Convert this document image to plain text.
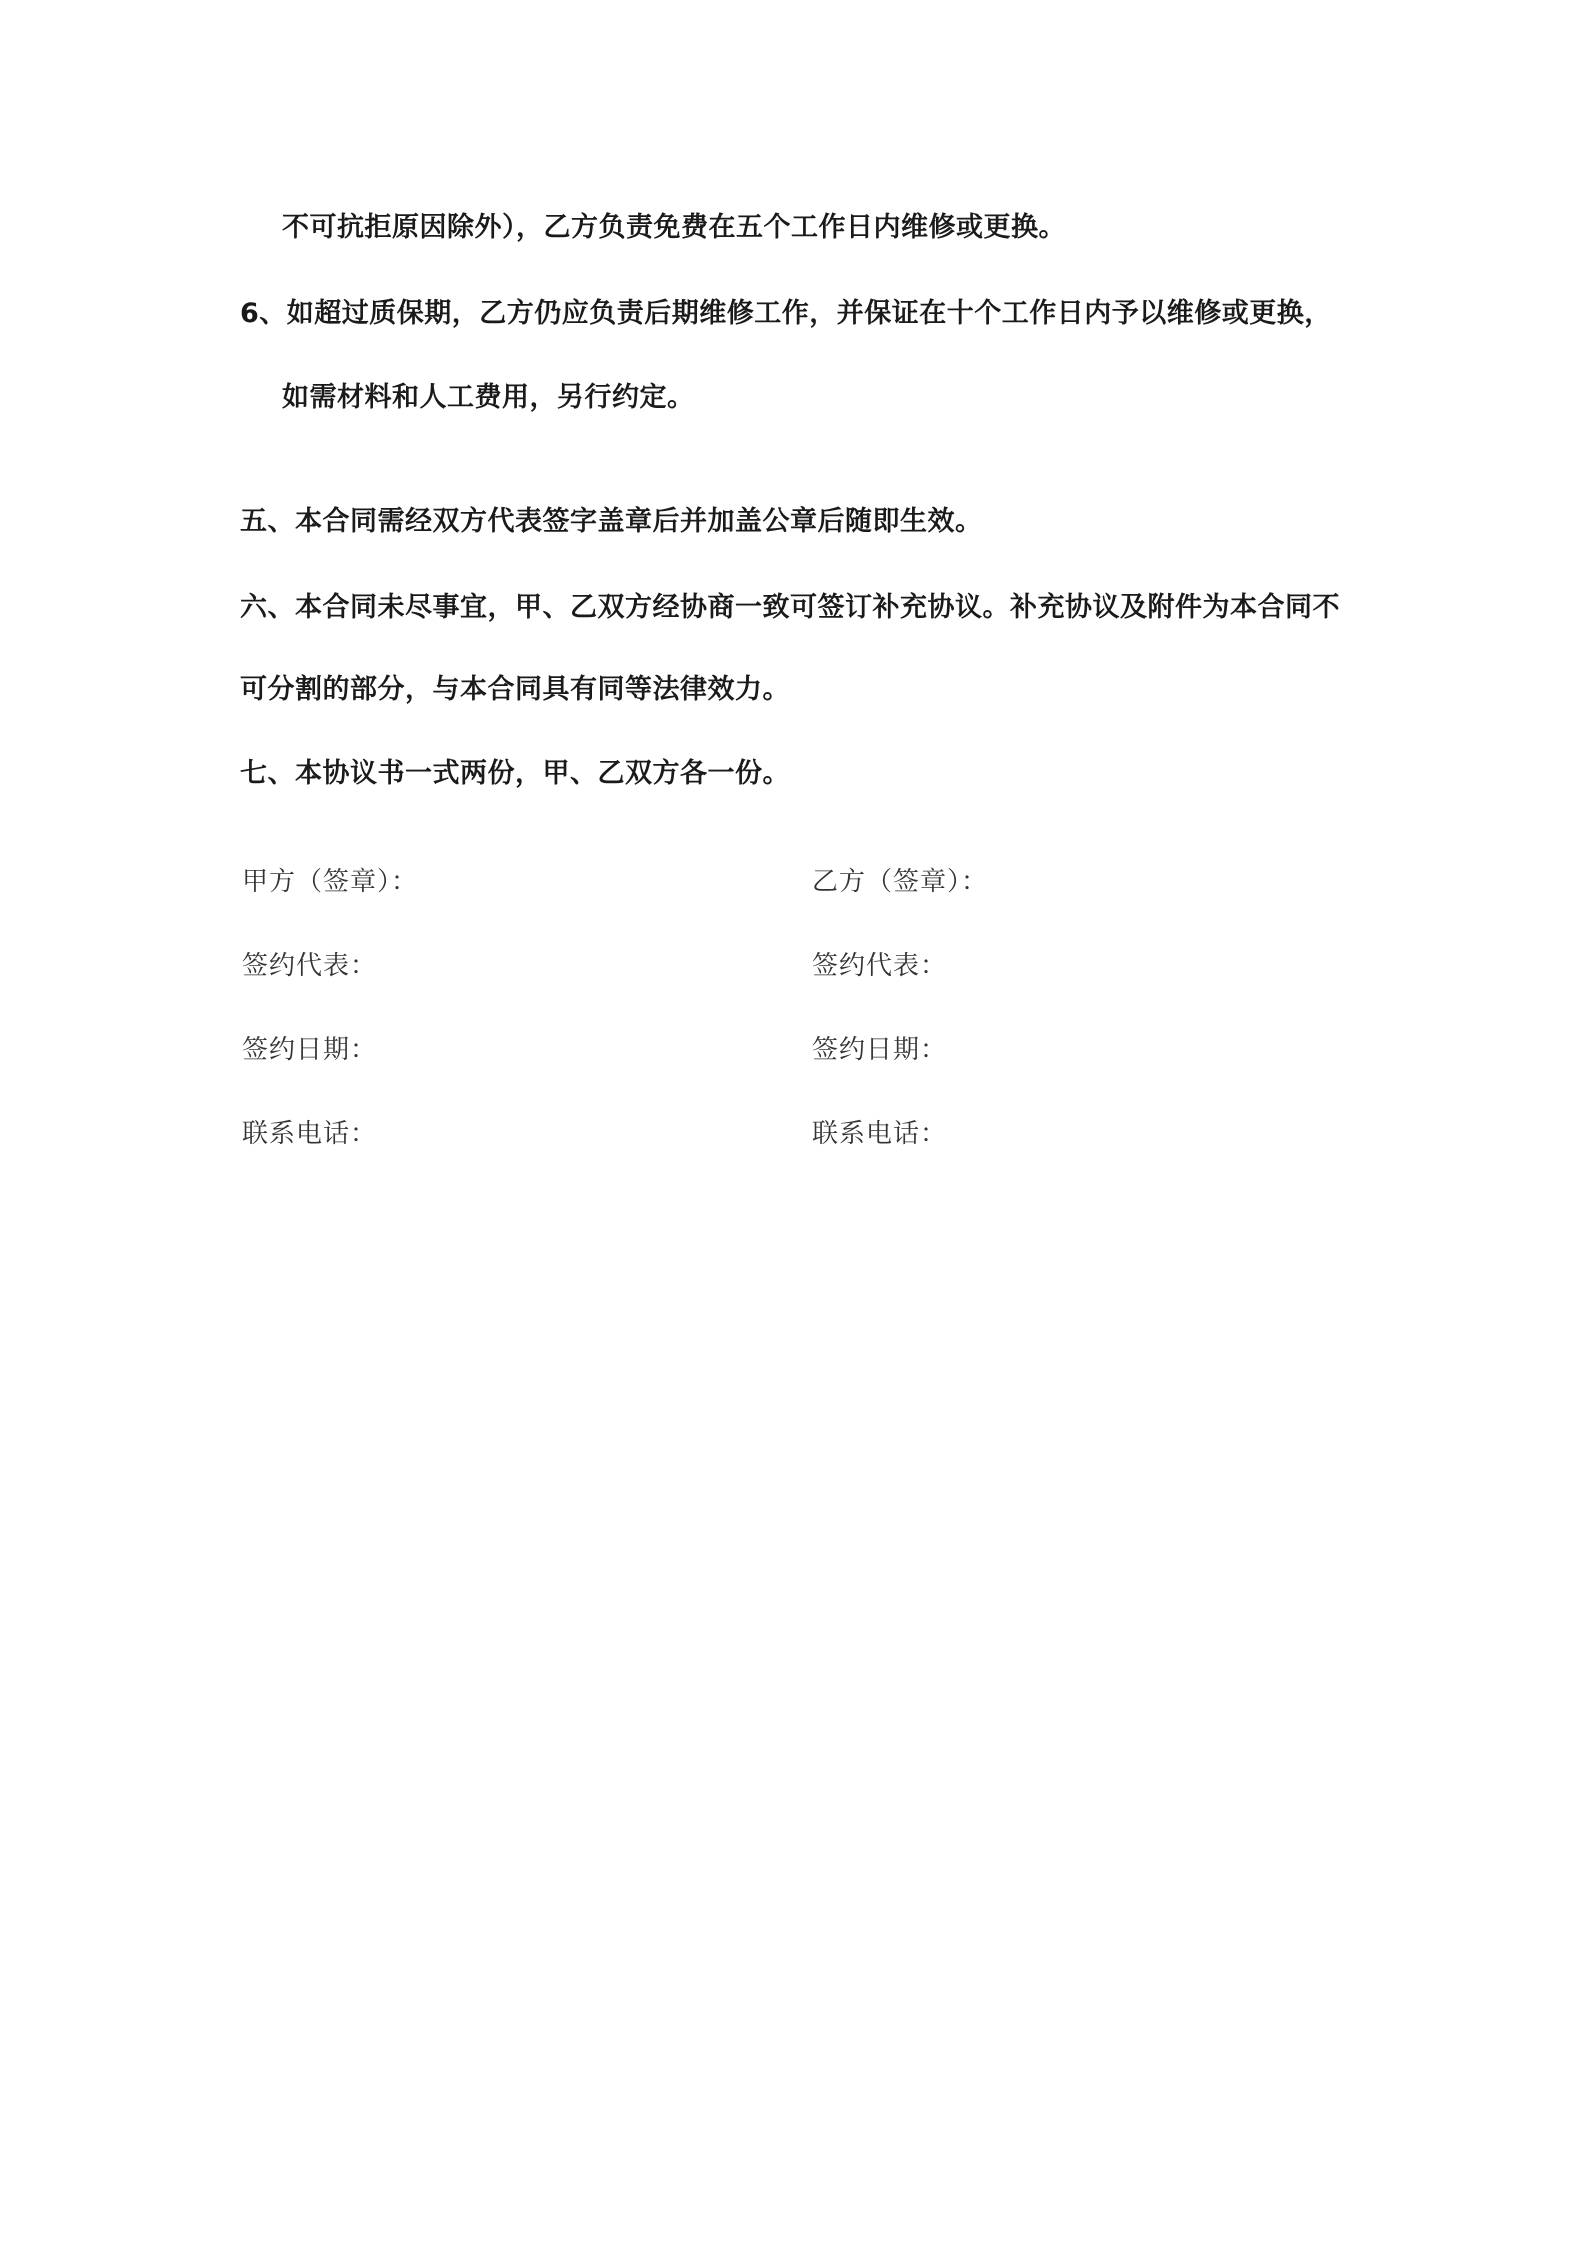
不可抗拒原因除外），乙方负责免费在五个工作日内维修或更换。
6、如超过质保期，乙方仍应负责后期维修工作，并保证在十个工作日内予以维修或更换，
如需材料和人工费用，另行约定。
五、本合同需经双方代表签字盖章后并加盖公章后随即生效。
六、本合同未尽事宜，甲、乙双方经协商一致可签订补充协议。补充协议及附件为本合同不
可分割的部分，与本合同具有同等法律效力。
七、本协议书一式两份，甲、乙双方各一份。
甲方（签章）：	乙方（签章）：
签约代表：	签约代表：
签约日期：	签约日期：
联系电话：	联系电话：
